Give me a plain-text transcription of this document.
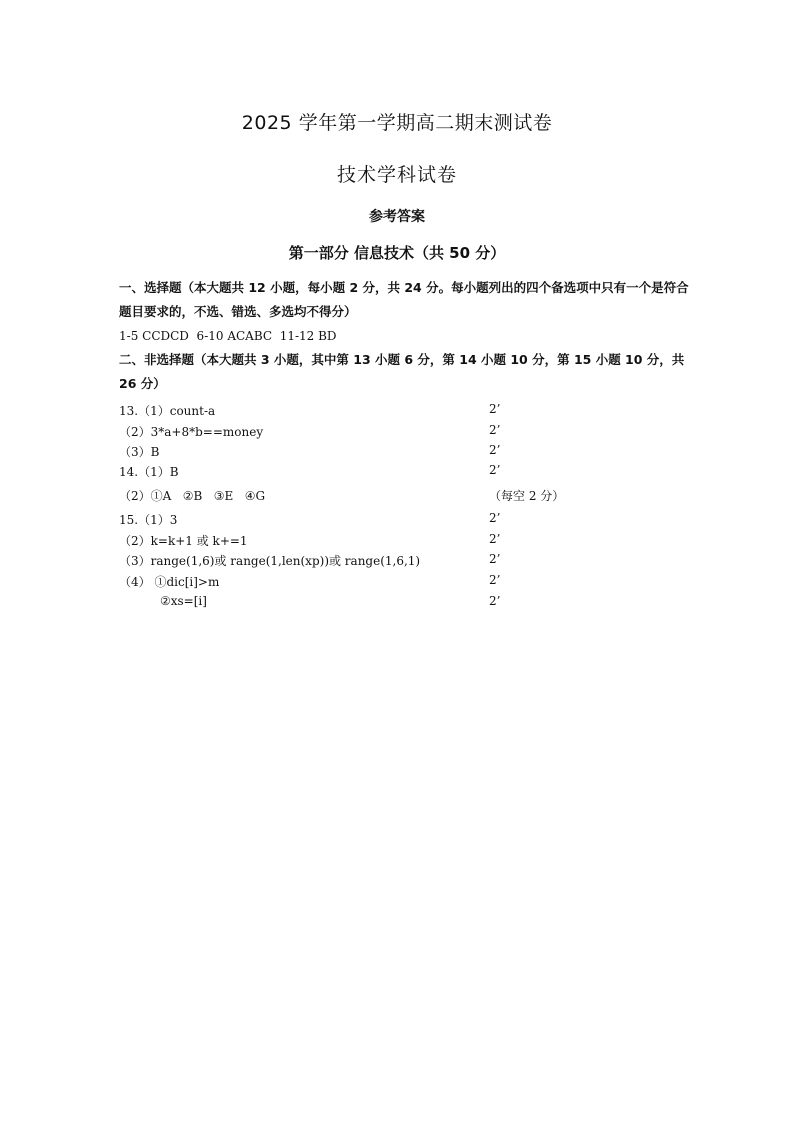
2025 学年第一学期高二期末测试卷
技术学科试卷
参考答案
第一部分 信息技术（共 50 分）
一、选择题（本大题共 12 小题，每小题 2 分，共 24 分。每小题列出的四个备选项中只有一个是符合题目要求的，不选、错选、多选均不得分）
1-5 CCDCD  6-10 ACABC  11-12 BD
二、非选择题（本大题共 3 小题，其中第 13 小题 6 分，第 14 小题 10 分，第 15 小题 10 分，共 26 分）
13.（1）count-a	2’
（2）3*a+8*b==money	2’
（3）B	2’
14.（1）B	2’
（2）①A   ②B   ③E   ④G	（每空 2 分）
15.（1）3	2’
（2）k=k+1 或 k+=1	2’
（3）range(1,6)或 range(1,len(xp))或 range(1,6,1)	2’
（4） ①dic[i]>m	2’
②xs=[i]	2’
